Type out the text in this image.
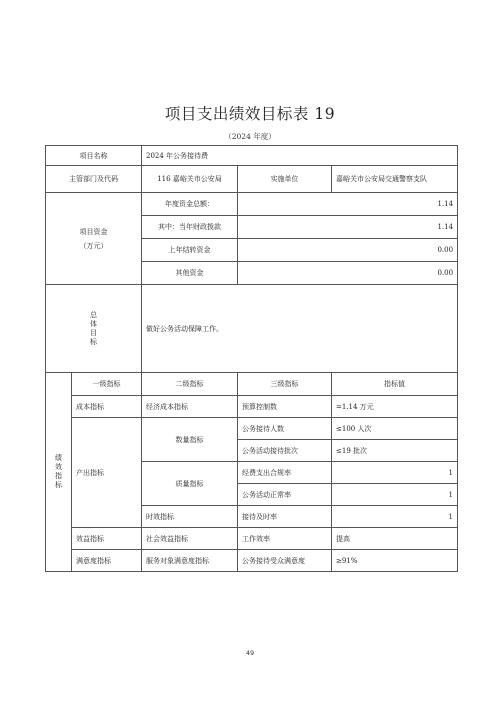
项目支出绩效目标表 19
（2024 年度）
项目名称	2024 年公务接待费		
主管部门及代码	116 嘉峪关市公安局	实施单位	嘉峪关市公安局交通警察支队

项目资金
（万元）	年度资金总额：	1.14	
	其中：当年财政拨款	1.14	
	上年结转资金	0.00	
	其他资金	0.00	

总
体
目
标	做好公务活动保障工作。		
绩
效
指
标	一级指标	二级指标	三级指标	指标值
	成本指标	经济成本指标	预算控制数	=1.14 万元
	产出指标	数量指标	公务接待人数	≤100 人次
			公务活动接待批次	≤19 批次
		质量指标	经费支出合规率	1
			公务活动正常率	1
		时效指标	接待及时率	1
	效益指标	社会效益指标	工作效率	提高
	满意度指标	服务对象满意度指标	公务接待受众满意度	≥91%
49
